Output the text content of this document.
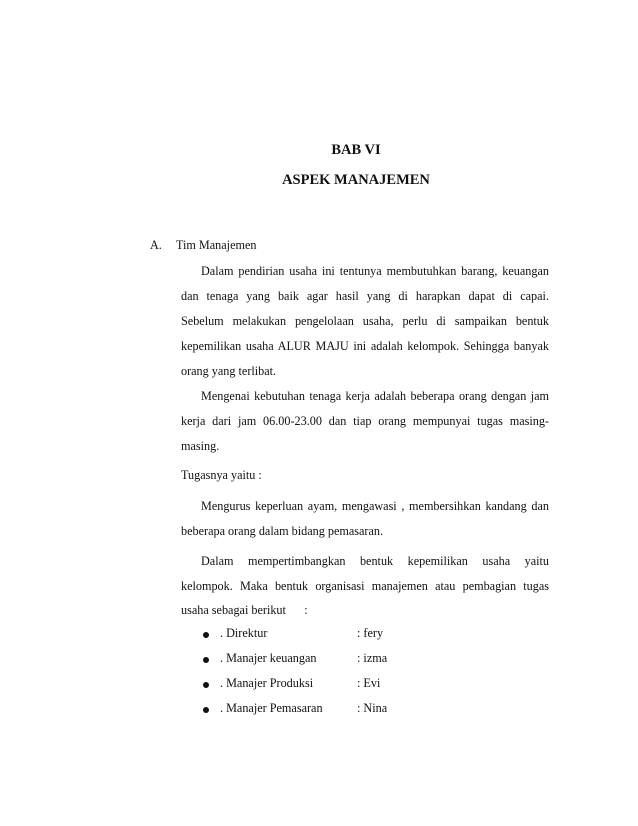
BAB VI
ASPEK MANAJEMEN
A. Tim Manajemen
Dalam pendirian usaha ini tentunya membutuhkan barang, keuangan
dan tenaga yang baik agar hasil yang di harapkan dapat di capai.
Sebelum melakukan pengelolaan usaha, perlu di sampaikan bentuk
kepemilikan usaha ALUR MAJU ini adalah kelompok. Sehingga banyak
orang yang terlibat.
Mengenai kebutuhan tenaga kerja adalah beberapa orang dengan jam
kerja dari jam 06.00-23.00 dan tiap orang mempunyai tugas masing-
masing.
Tugasnya yaitu :
Mengurus keperluan ayam, mengawasi , membersihkan kandang dan
beberapa orang dalam bidang pemasaran.
Dalam mempertimbangkan bentuk kepemilikan usaha yaitu
kelompok. Maka bentuk organisasi manajemen atau pembagian tugas
usaha sebagai berikut      :
. Direktur	: fery
. Manajer keuangan	: izma
. Manajer Produksi	: Evi
. Manajer Pemasaran	: Nina
